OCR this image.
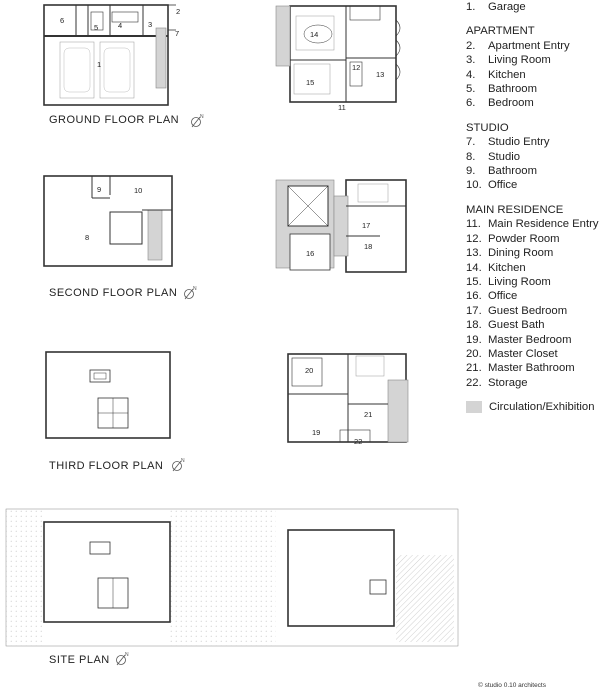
6
5	4	3
2
7
1
14
15
12
13
11
9	10
8
17
18
16
20
21
19
22
N
N
N
N
GROUND FLOOR PLAN
SECOND FLOOR PLAN
THIRD FLOOR PLAN
SITE PLAN
1.	Garage
APARTMENT
2.	Apartment Entry
3.	Living Room
4.	Kitchen
5.	Bathroom
6.	Bedroom
STUDIO
7.	Studio Entry
8.	Studio
9.	Bathroom
10. Office
MAIN RESIDENCE
11. Main Residence Entry
12. Powder Room
13. Dining Room
14. Kitchen
15. Living Room
16. Office
17. Guest Bedroom
18. Guest Bath
19. Master Bedroom
20. Master Closet
21. Master Bathroom
22. Storage
Circulation/Exhibition
© studio 0.10 architects
